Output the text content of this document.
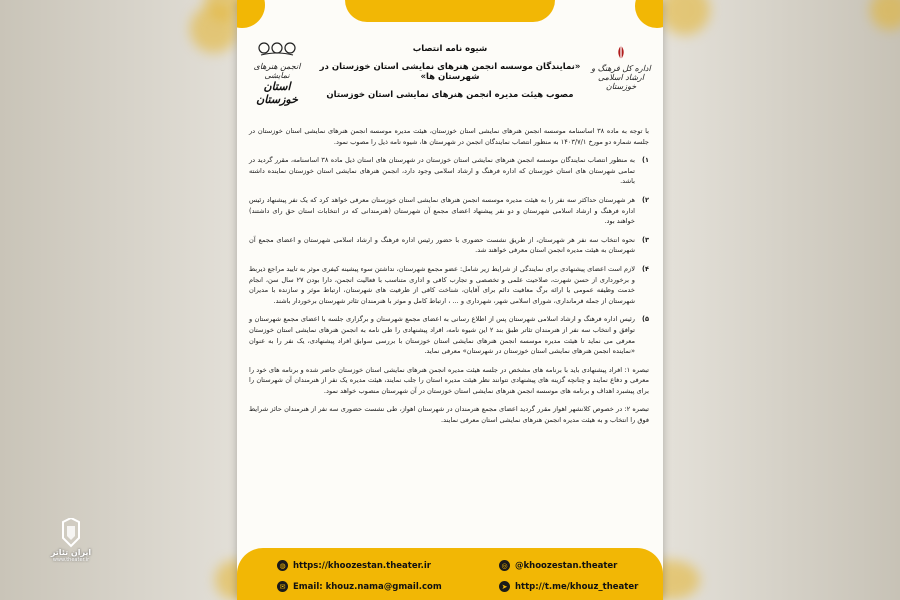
انجمن هنرهای نمایشی
استان خوزستان
شیوه نامه انتصاب
«نمایندگان موسسه انجمن هنرهای نمایشی استان خوزستان در شهرستان ها»
مصوب هیئت مدیره انجمن هنرهای نمایشی استان خوزستان
اداره کل فرهنگ و ارشاد اسلامی خوزستان
با توجه به ماده ۳۸ اساسنامه موسسه انجمن هنرهای نمایشی استان خوزستان، هیئت مدیره موسسه انجمن هنرهای نمایشی استان خوزستان در جلسه شماره دو مورخ ۱۴۰۳/۷/۱ به منظور انتصاب نمایندگان انجمن در شهرستان ها، شیوه نامه ذیل را مصوب نمود.
۱)
به منظور انتصاب نمایندگان موسسه انجمن هنرهای نمایشی استان خوزستان در شهرستان های استان ذیل ماده ۳۸ اساسنامه، مقرر گردید در تمامی شهرستان های استان خوزستان که اداره فرهنگ و ارشاد اسلامی وجود دارد، انجمن هنرهای نمایشی استان خوزستان نماینده داشته باشد.
۲)
هر شهرستان حداکثر سه نفر را به هیئت مدیره موسسه انجمن هنرهای نمایشی استان خوزستان معرفی خواهد کرد که یک نفر پیشنهاد رئیس اداره فرهنگ و ارشاد اسلامی شهرستان و دو نفر پیشنهاد اعضای مجمع آن شهرستان (هنرمندانی که در انتخابات استان حق رای داشتند) خواهند بود.
۳)
نحوه انتخاب سه نفر هر شهرستان، از طریق نشست حضوری با حضور رئیس اداره فرهنگ و ارشاد اسلامی شهرستان و اعضای مجمع آن شهرستان به هیئت مدیره انجمن استان معرفی خواهند شد.
۴)
لازم است اعضای پیشنهادی برای نمایندگی از شرایط زیر شامل: عضو مجمع شهرستان، نداشتن سوء پیشینه کیفری موثر به تایید مراجع ذیربط و برخورداری از حسن شهرت، صلاحیت علمی و تخصصی و تجارب کافی و اداری متناسب با فعالیت انجمن، دارا بودن ۲۷ سال سن، انجام خدمت وظیفه عمومی یا ارائه برگ معافیت دائم برای آقایان، شناخت کافی از ظرفیت های شهرستان، ارتباط موثر و سازنده با مدیران شهرستان از جمله فرمانداری، شورای اسلامی شهر، شهرداری و ... ، ارتباط کامل و موثر با هنرمندان تئاتر شهرستان برخوردار باشند.
۵)
رئیس اداره فرهنگ و ارشاد اسلامی شهرستان پس از اطلاع رسانی به اعضای مجمع شهرستان و برگزاری جلسه با اعضای مجمع شهرستان و توافق و انتخاب سه نفر از هنرمندان تئاتر طبق بند ۲ این شیوه نامه، افراد پیشنهادی را طی نامه به انجمن هنرهای نمایشی استان خوزستان معرفی می نماید تا هیئت مدیره موسسه انجمن هنرهای نمایشی استان خوزستان با بررسی سوابق افراد پیشنهادی، یک نفر را به عنوان «نماینده انجمن هنرهای نمایشی استان خوزستان در شهرستان» معرفی نماید.
تبصره ۱: افراد پیشنهادی باید با برنامه های مشخص در جلسه هیئت مدیره انجمن هنرهای نمایشی استان خوزستان حاضر شده و برنامه های خود را معرفی و دفاع نمایند و چنانچه گزینه های پیشنهادی نتوانند نظر هیئت مدیره استان را جلب نمایند، هیئت مدیره یک نفر از هنرمندان آن شهرستان را برای پیشبرد اهداف و برنامه های موسسه انجمن هنرهای نمایشی استان خوزستان در آن شهرستان منصوب خواهد نمود.
تبصره ۲: در خصوص کلانشهر اهواز مقرر گردید اعضای مجمع هنرمندان در شهرستان اهواز، طی نشست حضوری سه نفر از هنرمندان حائز شرایط فوق را انتخاب و به هیئت مدیره انجمن هنرهای نمایشی استان معرفی نمایند.
◍ https://khoozestan.theater.ir	◎ @khoozestan.theater
✉ Email: khouz.nama@gmail.com	➤ http://t.me/khouz_theater
ایران تئاتر
www.theater.ir
